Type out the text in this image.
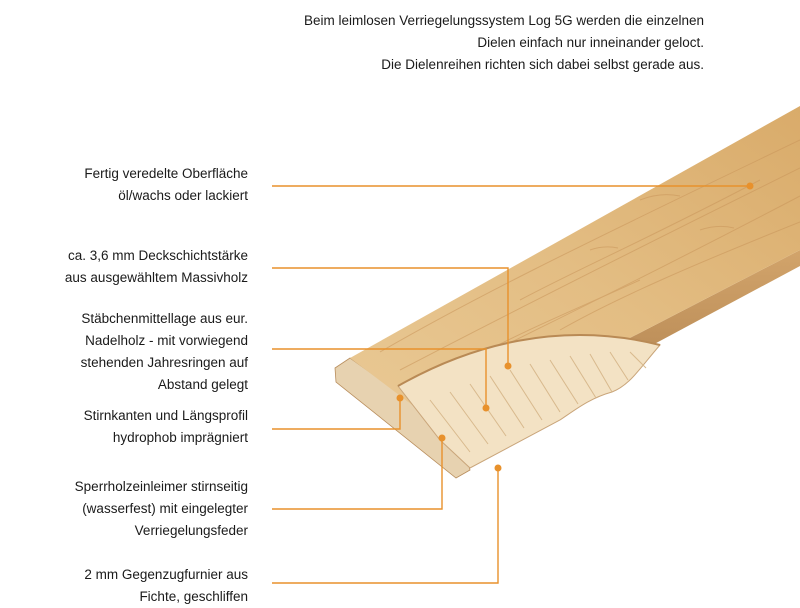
Beim leimlosen Verriegelungssystem Log 5G werden die einzelnen
Dielen einfach nur inneinander geloct.
Die Dielenreihen richten sich dabei selbst gerade aus.
Fertig veredelte Oberfläche
öl/wachs oder lackiert
ca. 3,6 mm Deckschichtstärke
aus ausgewähltem Massivholz
Stäbchenmittellage aus eur.
Nadelholz - mit vorwiegend
stehenden Jahresringen auf
Abstand gelegt
Stirnkanten und Längsprofil
hydrophob imprägniert
Sperrholzeinleimer stirnseitig
(wasserfest) mit eingelegter
Verriegelungsfeder
2 mm Gegenzugfurnier aus
Fichte, geschliffen
